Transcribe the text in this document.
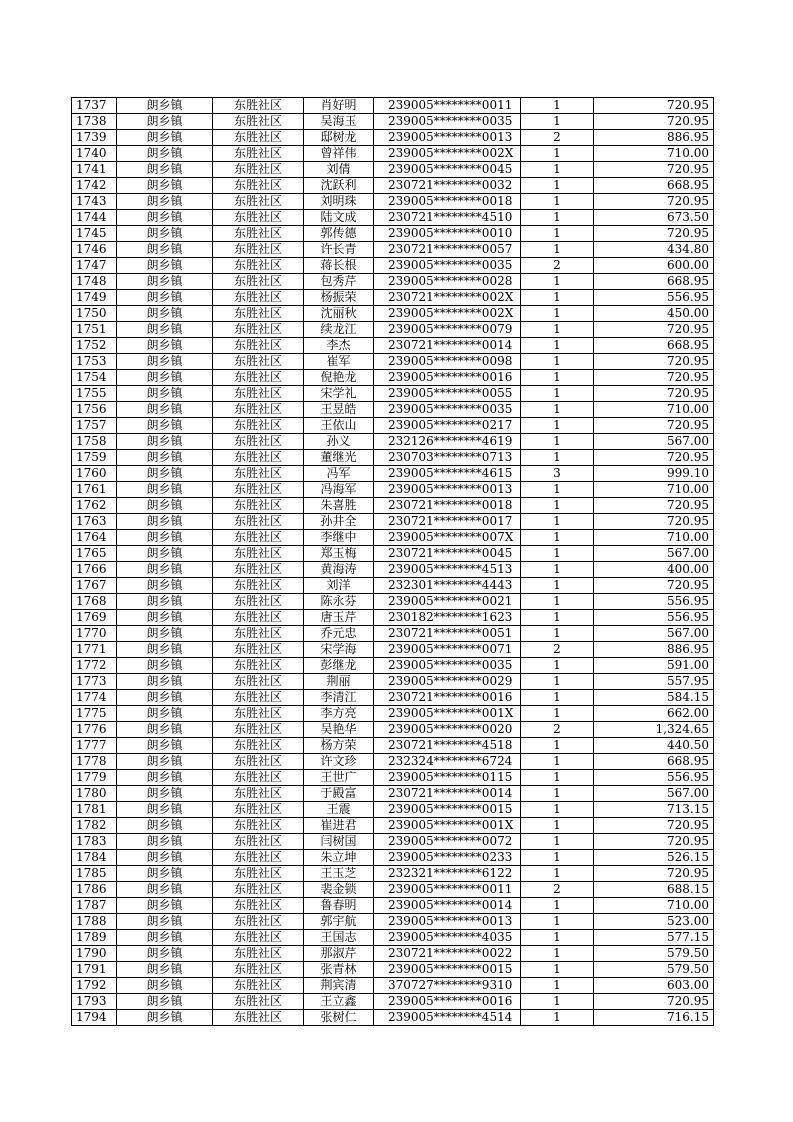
1737	朗乡镇	东胜社区	肖好明	239005********0011	1	720.95
1738	朗乡镇	东胜社区	吴海玉	239005********0035	1	720.95
1739	朗乡镇	东胜社区	邸树龙	239005********0013	2	886.95
1740	朗乡镇	东胜社区	曾祥伟	239005********002X	1	710.00
1741	朗乡镇	东胜社区	刘倩	239005********0045	1	720.95
1742	朗乡镇	东胜社区	沈跃利	230721********0032	1	668.95
1743	朗乡镇	东胜社区	刘明珠	239005********0018	1	720.95
1744	朗乡镇	东胜社区	陆文成	230721********4510	1	673.50
1745	朗乡镇	东胜社区	郭传德	239005********0010	1	720.95
1746	朗乡镇	东胜社区	许长青	230721********0057	1	434.80
1747	朗乡镇	东胜社区	蒋长根	239005********0035	2	600.00
1748	朗乡镇	东胜社区	包秀芹	239005********0028	1	668.95
1749	朗乡镇	东胜社区	杨振荣	230721********002X	1	556.95
1750	朗乡镇	东胜社区	沈丽秋	239005********002X	1	450.00
1751	朗乡镇	东胜社区	续龙江	239005********0079	1	720.95
1752	朗乡镇	东胜社区	李杰	230721********0014	1	668.95
1753	朗乡镇	东胜社区	崔军	239005********0098	1	720.95
1754	朗乡镇	东胜社区	倪艳龙	239005********0016	1	720.95
1755	朗乡镇	东胜社区	宋学礼	239005********0055	1	720.95
1756	朗乡镇	东胜社区	王昱皓	239005********0035	1	710.00
1757	朗乡镇	东胜社区	王依山	239005********0217	1	720.95
1758	朗乡镇	东胜社区	孙义	232126********4619	1	567.00
1759	朗乡镇	东胜社区	董继光	230703********0713	1	720.95
1760	朗乡镇	东胜社区	冯军	239005********4615	3	999.10
1761	朗乡镇	东胜社区	冯海军	239005********0013	1	710.00
1762	朗乡镇	东胜社区	朱喜胜	230721********0018	1	720.95
1763	朗乡镇	东胜社区	孙井全	230721********0017	1	720.95
1764	朗乡镇	东胜社区	李继中	239005********007X	1	710.00
1765	朗乡镇	东胜社区	郑玉梅	230721********0045	1	567.00
1766	朗乡镇	东胜社区	黄海涛	239005********4513	1	400.00
1767	朗乡镇	东胜社区	刘洋	232301********4443	1	720.95
1768	朗乡镇	东胜社区	陈永芬	239005********0021	1	556.95
1769	朗乡镇	东胜社区	唐玉芹	230182********1623	1	556.95
1770	朗乡镇	东胜社区	乔元忠	230721********0051	1	567.00
1771	朗乡镇	东胜社区	宋学海	239005********0071	2	886.95
1772	朗乡镇	东胜社区	彭继龙	239005********0035	1	591.00
1773	朗乡镇	东胜社区	荆丽	239005********0029	1	557.95
1774	朗乡镇	东胜社区	李清江	230721********0016	1	584.15
1775	朗乡镇	东胜社区	李方亮	239005********001X	1	662.00
1776	朗乡镇	东胜社区	吴艳华	239005********0020	2	1,324.65
1777	朗乡镇	东胜社区	杨方荣	230721********4518	1	440.50
1778	朗乡镇	东胜社区	许文珍	232324********6724	1	668.95
1779	朗乡镇	东胜社区	王世广	239005********0115	1	556.95
1780	朗乡镇	东胜社区	于殿富	230721********0014	1	567.00
1781	朗乡镇	东胜社区	王震	239005********0015	1	713.15
1782	朗乡镇	东胜社区	崔进君	239005********001X	1	720.95
1783	朗乡镇	东胜社区	闫树国	239005********0072	1	720.95
1784	朗乡镇	东胜社区	朱立坤	239005********0233	1	526.15
1785	朗乡镇	东胜社区	王玉芝	232321********6122	1	720.95
1786	朗乡镇	东胜社区	裴金锁	239005********0011	2	688.15
1787	朗乡镇	东胜社区	鲁春明	239005********0014	1	710.00
1788	朗乡镇	东胜社区	郭宇航	239005********0013	1	523.00
1789	朗乡镇	东胜社区	王国志	239005********4035	1	577.15
1790	朗乡镇	东胜社区	那淑芹	230721********0022	1	579.50
1791	朗乡镇	东胜社区	张青林	239005********0015	1	579.50
1792	朗乡镇	东胜社区	荆宾清	370727********9310	1	603.00
1793	朗乡镇	东胜社区	王立鑫	239005********0016	1	720.95
1794	朗乡镇	东胜社区	张树仁	239005********4514	1	716.15
